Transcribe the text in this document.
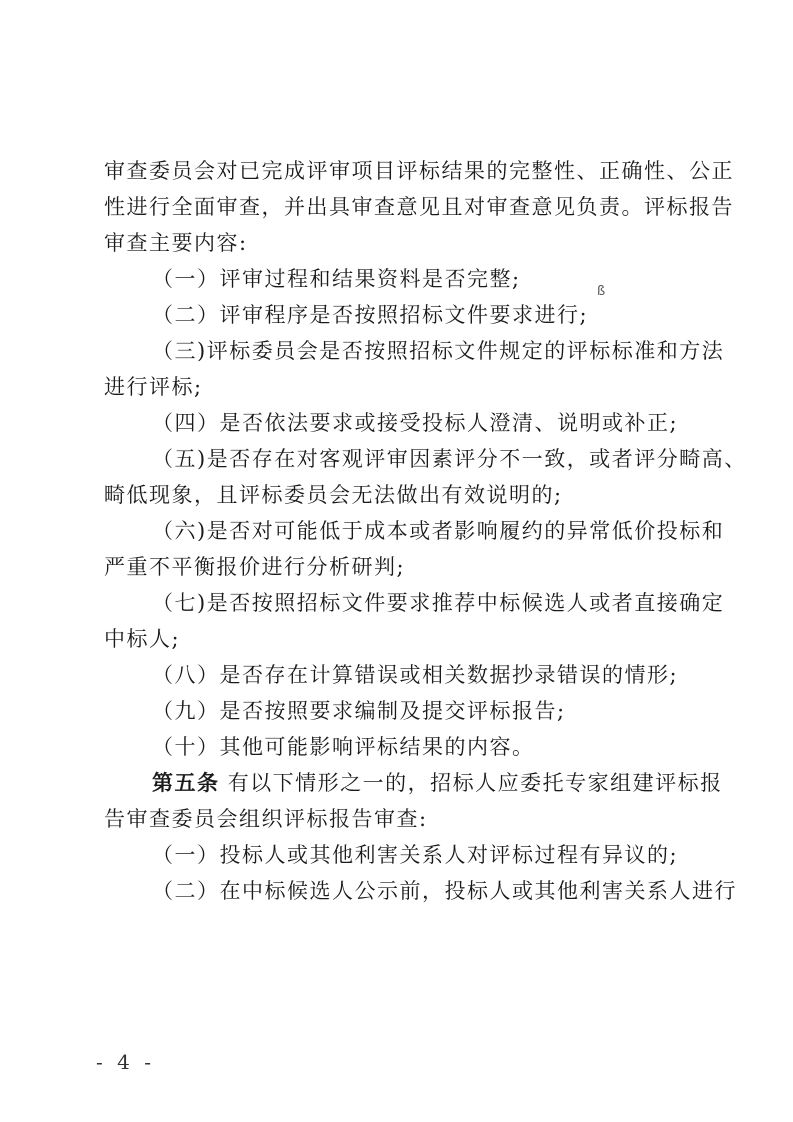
ß
审查委员会对已完成评审项目评标结果的完整性、正确性、公正
性进行全面审查，并出具审查意见且对审查意见负责。评标报告
审查主要内容:
（一）评审过程和结果资料是否完整;
（二）评审程序是否按照招标文件要求进行;
（三)评标委员会是否按照招标文件规定的评标标准和方法
进行评标;
（四）是否依法要求或接受投标人澄清、说明或补正;
（五)是否存在对客观评审因素评分不一致，或者评分畸高、
畸低现象，且评标委员会无法做出有效说明的;
（六)是否对可能低于成本或者影响履约的异常低价投标和
严重不平衡报价进行分析研判;
（七)是否按照招标文件要求推荐中标候选人或者直接确定
中标人;
（八）是否存在计算错误或相关数据抄录错误的情形;
（九）是否按照要求编制及提交评标报告;
（十）其他可能影响评标结果的内容。
第五条 有以下情形之一的，招标人应委托专家组建评标报
告审查委员会组织评标报告审查:
（一）投标人或其他利害关系人对评标过程有异议的;
（二）在中标候选人公示前，投标人或其他利害关系人进行
- 4 -
